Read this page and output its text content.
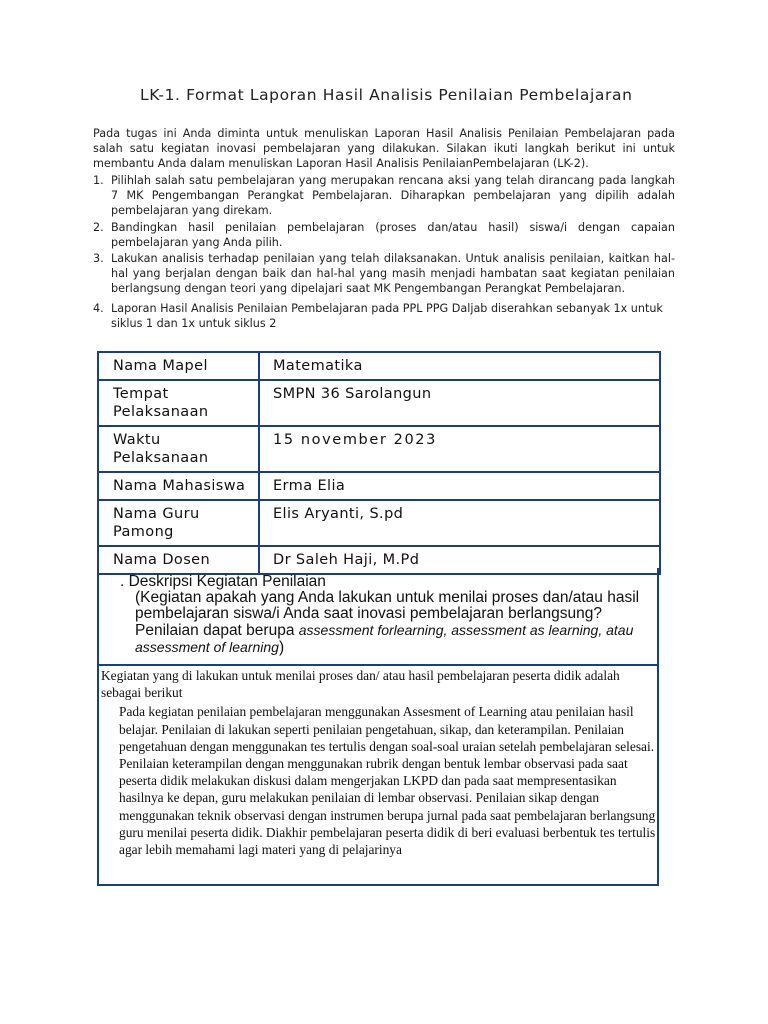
LK-1. Format Laporan Hasil Analisis Penilaian Pembelajaran
Pada tugas ini Anda diminta untuk menuliskan Laporan Hasil Analisis Penilaian Pembelajaran pada salah satu kegiatan inovasi pembelajaran yang dilakukan. Silakan ikuti langkah berikut ini untuk membantu Anda dalam menuliskan Laporan Hasil Analisis PenilaianPembelajaran (LK-2).
1. Pilihlah salah satu pembelajaran yang merupakan rencana aksi yang telah dirancang pada langkah 7 MK Pengembangan Perangkat Pembelajaran. Diharapkan pembelajaran yang dipilih adalah pembelajaran yang direkam.
2. Bandingkan hasil penilaian pembelajaran (proses dan/atau hasil) siswa/i dengan capaian pembelajaran yang Anda pilih.
3. Lakukan analisis terhadap penilaian yang telah dilaksanakan. Untuk analisis penilaian, kaitkan hal-hal yang berjalan dengan baik dan hal-hal yang masih menjadi hambatan saat kegiatan penilaian berlangsung dengan teori yang dipelajari saat MK Pengembangan Perangkat Pembelajaran.
4. Laporan Hasil Analisis Penilaian Pembelajaran pada PPL PPG Daljab diserahkan sebanyak 1x untuk siklus 1 dan 1x untuk siklus 2
Nama Mapel	Matematika
Tempat Pelaksanaan	SMPN 36 Sarolangun
Waktu Pelaksanaan	15 november 2023
Nama Mahasiswa	Erma Elia
Nama Guru Pamong	Elis Aryanti, S.pd
Nama Dosen	Dr Saleh Haji, M.Pd
. Deskripsi Kegiatan Penilaian
(Kegiatan apakah yang Anda lakukan untuk menilai proses dan/atau hasil pembelajaran siswa/i Anda saat inovasi pembelajaran berlangsung? Penilaian dapat berupa assessment forlearning, assessment as learning, atau assessment of learning)
Kegiatan yang di lakukan untuk menilai proses dan/ atau hasil pembelajaran peserta didik adalah sebagai berikut
Pada kegiatan penilaian pembelajaran menggunakan Assesment of Learning atau penilaian hasil belajar. Penilaian di lakukan seperti penilaian pengetahuan, sikap, dan keterampilan. Penilaian pengetahuan dengan menggunakan tes tertulis dengan soal-soal uraian setelah pembelajaran selesai. Penilaian keterampilan dengan menggunakan rubrik dengan bentuk lembar observasi pada saat peserta didik melakukan diskusi dalam mengerjakan LKPD dan pada saat mempresentasikan hasilnya ke depan, guru melakukan penilaian di lembar observasi. Penilaian sikap dengan menggunakan teknik observasi dengan instrumen berupa jurnal pada saat pembelajaran berlangsung guru menilai peserta didik. Diakhir pembelajaran peserta didik di beri evaluasi berbentuk tes tertulis agar lebih memahami lagi materi yang di pelajarinya
